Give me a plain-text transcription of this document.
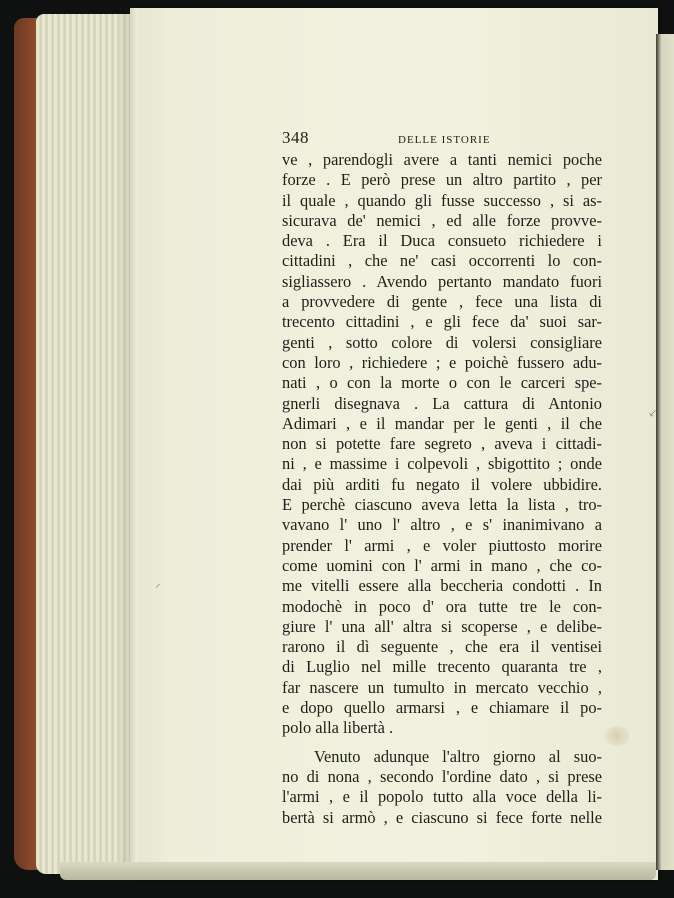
⸔
⸝
348	DELLE ISTORIE
ve , parendogli avere a tanti nemici poche
forze . E però prese un altro partito , per
il quale , quando gli fusse successo , si as-
sicurava de' nemici , ed alle forze provve-
deva . Era il Duca consueto richiedere i
cittadini , che ne' casi occorrenti lo con-
sigliassero . Avendo pertanto mandato fuori
a provvedere di gente , fece una lista di
trecento cittadini , e gli fece da' suoi sar-
genti , sotto colore di volersi consigliare
con loro , richiedere ; e poichè fussero adu-
nati , o con la morte o con le carceri spe-
gnerli disegnava . La cattura di Antonio
Adimari , e il mandar per le genti , il che
non si potette fare segreto , aveva i cittadi-
ni , e massime i colpevoli , sbigottito ; onde
dai più arditi fu negato il volere ubbidire.
E perchè ciascuno aveva letta la lista , tro-
vavano l' uno l' altro , e s' inanimivano a
prender l' armi , e voler piuttosto morire
come uomini con l' armi in mano , che co-
me vitelli essere alla beccheria condotti . In
modochè in poco d' ora tutte tre le con-
giure l' una all' altra si scoperse , e delibe-
rarono il dì seguente , che era il ventisei
di Luglio nel mille trecento quaranta tre ,
far nascere un tumulto in mercato vecchio ,
e dopo quello armarsi , e chiamare il po-
polo alla libertà .
Venuto adunque l'altro giorno al suo-
no di nona , secondo l'ordine dato , si prese
l'armi , e il popolo tutto alla voce della li-
bertà si armò , e ciascuno si fece forte nelle
